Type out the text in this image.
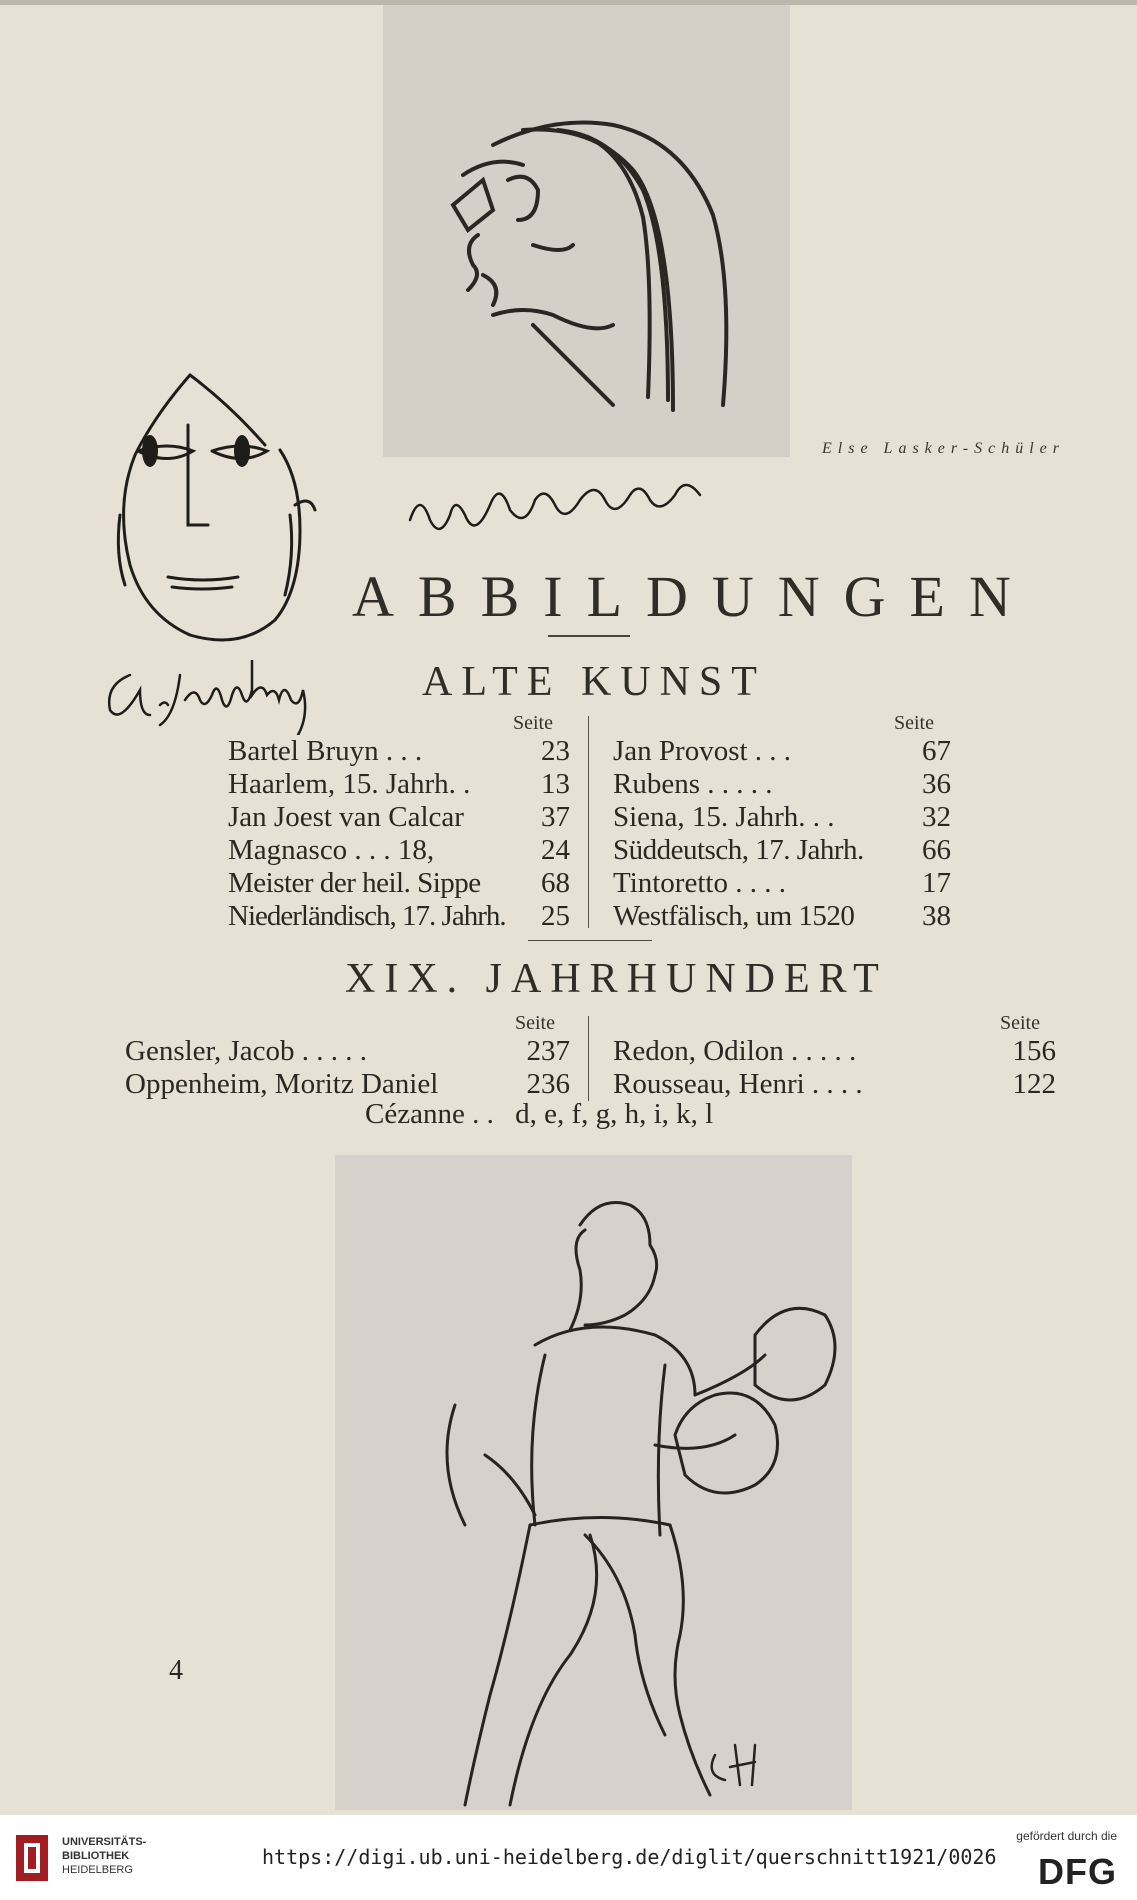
Else Lasker-Schüler
ABBILDUNGEN
ALTE KUNST
Seite	Seite
Bartel Bruyn . . .	23
Haarlem, 15. Jahrh. .	13
Jan Joest van Calcar	37
Magnasco . . . 18,	24
Meister der heil. Sippe	68
Niederländisch, 17. Jahrh.	25
Jan Provost . . .	67
Rubens . . . . .	36
Siena, 15. Jahrh. . .	32
Süddeutsch, 17. Jahrh.	66
Tintoretto . . . .	17
Westfälisch, um 1520	38
XIX. JAHRHUNDERT
Seite	Seite
Gensler, Jacob . . . . .	237
Oppenheim, Moritz Daniel	236
Redon, Odilon . . . . .	156
Rousseau, Henri . . . .	122
Cézanne . . d, e, f, g, h, i, k, l
4
UNIVERSITÄTS-
BIBLIOTHEK
HEIDELBERG
https://digi.ub.uni-heidelberg.de/diglit/querschnitt1921/0026
gefördert durch die
DFG
